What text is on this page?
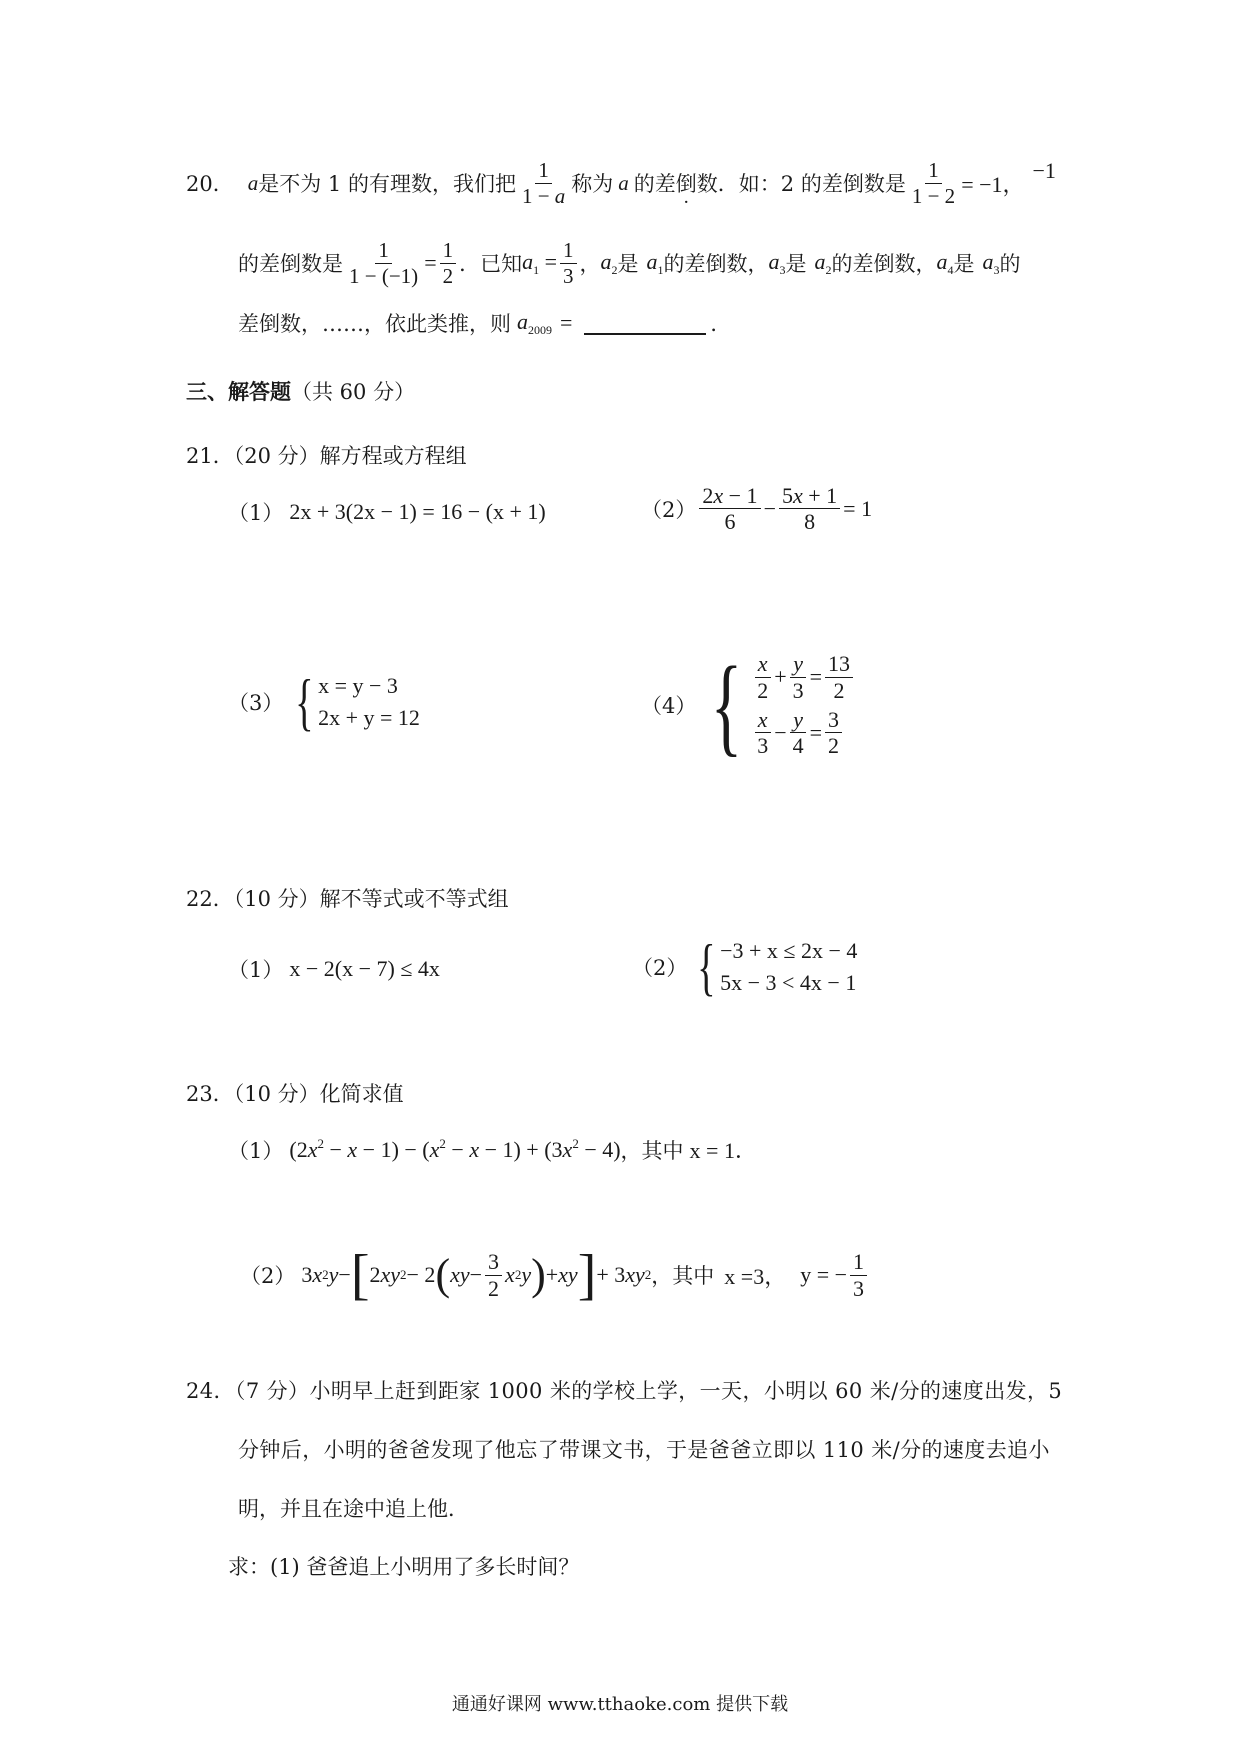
20． a 是不为 1 的有理数，我们把 $\frac{1}{1 - a}$ 称为 a 的 差倒数 · ．如：2 的差倒数是 $\frac{1}{1 - 2} = -1$，
−1
的差倒数是 $\frac{1}{1 - (-1)} = \frac{1}{2}$ ．已知 $a_1 = \frac{1}{3}$ ， $a_2$ 是 $a_1$ 的差倒数， $a_3$ 是 $a_2$ 的差倒数， $a_4$ 是 $a_3$ 的
差倒数，……，依此类推，则 $a_{2009}$ =	．
三、解答题 （共 60 分）
21．（20 分）解方程或方程组
（1） 2x + 3(2x − 1) = 16 − (x + 1)	$(2) \frac{2x - 1}{6} - \frac{5x + 1}{8} = 1$
（3） { x = y − 3
2x + y = 12	（4） { $\frac{x}{2} + \frac{y}{3} = \frac{13}{2}$
$\frac{x}{3} - \frac{y}{4} = \frac{3}{2}$
22．（10 分）解不等式或不等式组
（1） x − 2(x − 7) ≤ 4x	（2） { −3 + x ≤ 2x − 4
5x − 3 < 4x − 1
23．（10 分）化简求值
（1） $(2x^2 - x - 1) - (x^2 - x - 1) + (3x^2 - 4)$ ，其中 x = 1．
（2） 3 x 2 y − [ 2 xy 2 − 2 ( xy − $\frac{3}{2}$ x 2 y ) + xy ] + 3 xy 2 ，其中 x =3， y = − $\frac{1}{3}$
24．（7 分）小明早上赶到距家 1000 米的学校上学，一天，小明以 60 米/分的速度出发，5
分钟后，小明的爸爸发现了他忘了带课文书，于是爸爸立即以 110 米/分的速度去追小
明，并且在途中追上他．
求：(1) 爸爸追上小明用了多长时间？
通通好课网 www.tthaoke.com 提供下载
